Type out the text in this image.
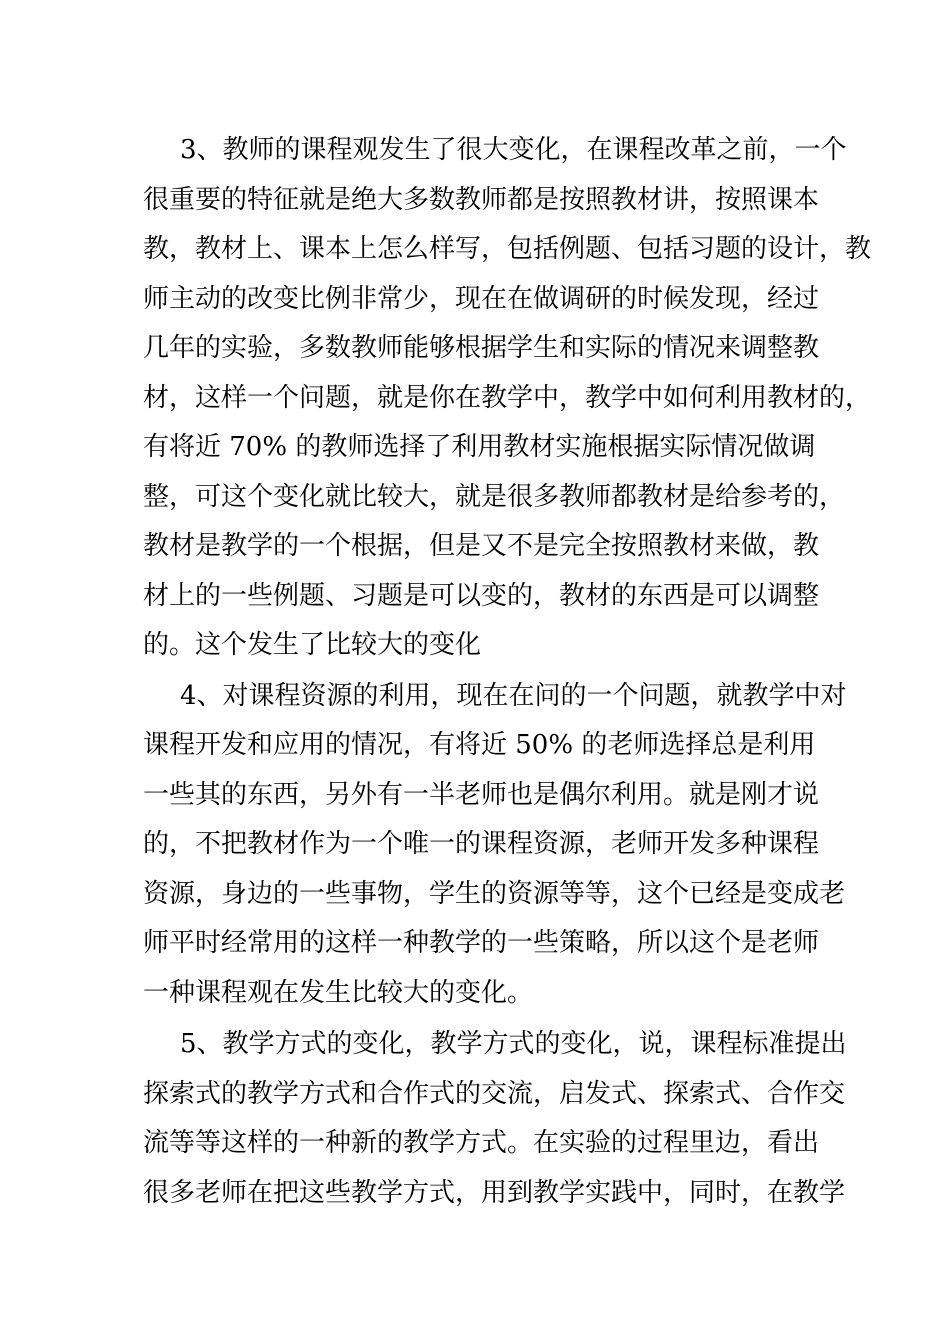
3、教师的课程观发生了很大变化，在课程改革之前，一个
很重要的特征就是绝大多数教师都是按照教材讲，按照课本
教，教材上、课本上怎么样写，包括例题、包括习题的设计，教
师主动的改变比例非常少，现在在做调研的时候发现，经过
几年的实验，多数教师能够根据学生和实际的情况来调整教
材，这样一个问题，就是你在教学中，教学中如何利用教材的，
有将近 70% 的教师选择了利用教材实施根据实际情况做调
整，可这个变化就比较大，就是很多教师都教材是给参考的，
教材是教学的一个根据，但是又不是完全按照教材来做，教
材上的一些例题、习题是可以变的，教材的东西是可以调整
的。这个发生了比较大的变化
4、对课程资源的利用，现在在问的一个问题，就教学中对
课程开发和应用的情况，有将近 50% 的老师选择总是利用
一些其的东西，另外有一半老师也是偶尔利用。就是刚才说
的，不把教材作为一个唯一的课程资源，老师开发多种课程
资源，身边的一些事物，学生的资源等等，这个已经是变成老
师平时经常用的这样一种教学的一些策略，所以这个是老师
一种课程观在发生比较大的变化。
5、教学方式的变化，教学方式的变化，说，课程标准提出
探索式的教学方式和合作式的交流，启发式、探索式、合作交
流等等这样的一种新的教学方式。在实验的过程里边，看出
很多老师在把这些教学方式，用到教学实践中，同时，在教学
